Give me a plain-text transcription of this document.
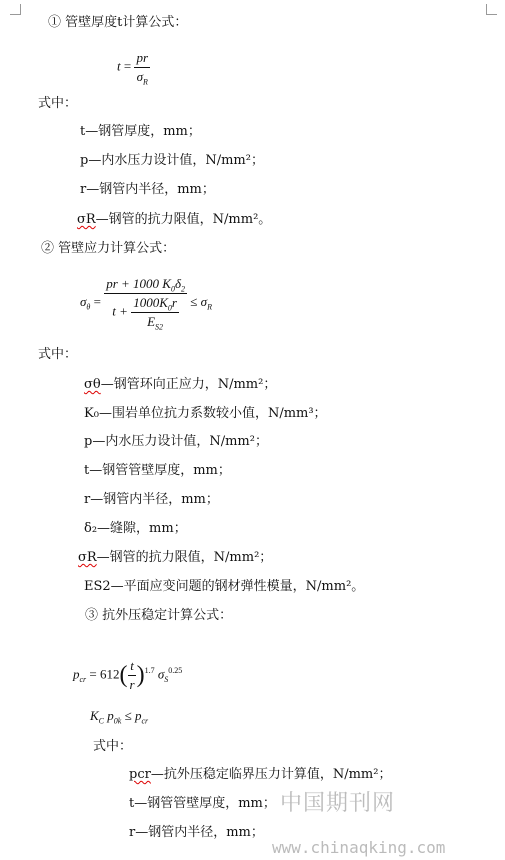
① 管壁厚度t计算公式：
$t = \frac{pr}{\sigma_R}$
式中：
t—钢管厚度，mm；
p—内水压力设计值，N/mm²；
r—钢管内半径，mm；
σR—钢管的抗力限值，N/mm²。
② 管壁应力计算公式：
$\sigma_\theta = \frac{pr + 1000 K_0\delta_2}{t + \frac{1000K_0r}{E_{S2}}} \le \sigma_R$
式中：
σθ—钢管环向正应力，N/mm²；
K₀—围岩单位抗力系数较小值，N/mm³；
p—内水压力设计值，N/mm²；
t—钢管管壁厚度，mm；
r—钢管内半径，mm；
δ₂—缝隙，mm；
σR—钢管的抗力限值，N/mm²；
ES2—平面应变问题的钢材弹性模量，N/mm²。
③ 抗外压稳定计算公式：
$p_{cr} = 612( \frac{t}{r} )^{1.7}$ $\sigma_S^{0.25}$
$K_C$ $p_{0k} \le p_{cr}$
式中：
pcr—抗外压稳定临界压力计算值，N/mm²；
t—钢管管壁厚度，mm；
r—钢管内半径，mm；
中国期刊网
www.chinaqking.com
